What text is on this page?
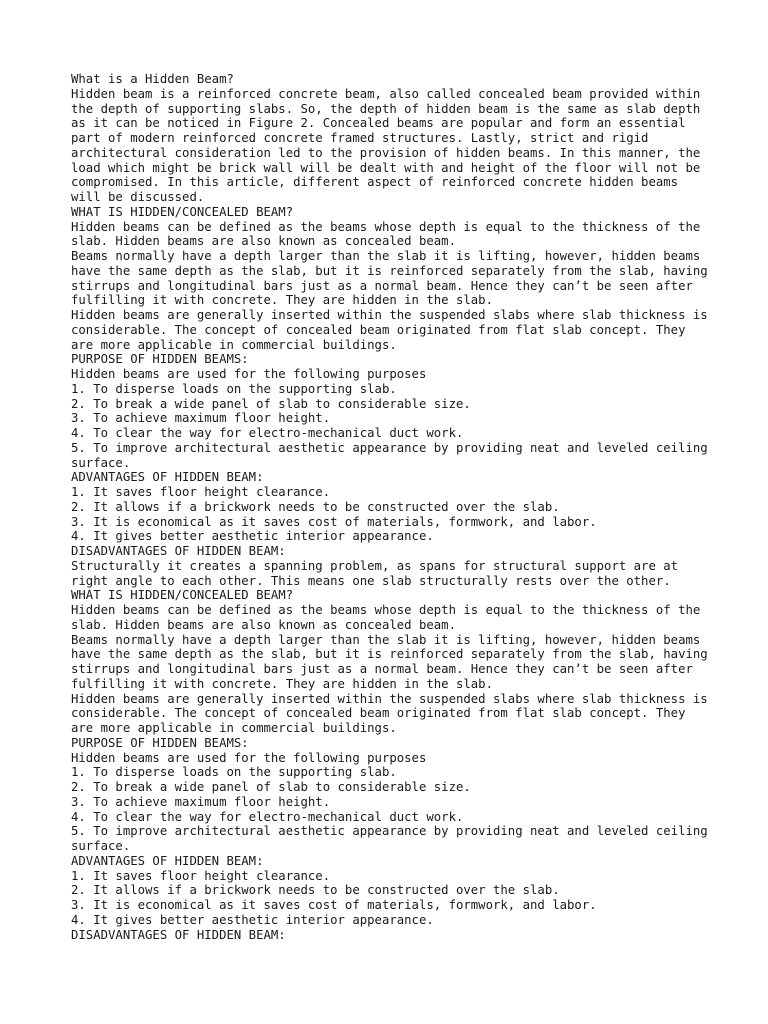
What is a Hidden Beam?

Hidden beam is a reinforced concrete beam, also called concealed beam provided within the depth of supporting slabs. So, the depth of hidden beam is the same as slab depth as it can be noticed in Figure 2. Concealed beams are popular and form an essential part of modern reinforced concrete framed structures. Lastly, strict and rigid architectural consideration led to the provision of hidden beams. In this manner, the load which might be brick wall will be dealt with and height of the floor will not be compromised. In this article, different aspect of reinforced concrete hidden beams will be discussed.

WHAT IS HIDDEN/CONCEALED BEAM?

Hidden beams can be defined as the beams whose depth is equal to the thickness of the slab. Hidden beams are also known as concealed beam.

Beams normally have a depth larger than the slab it is lifting, however, hidden beams have the same depth as the slab, but it is reinforced separately from the slab, having stirrups and longitudinal bars just as a normal beam. Hence they can’t be seen after fulfilling it with concrete. They are hidden in the slab.

Hidden beams are generally inserted within the suspended slabs where slab thickness is considerable. The concept of concealed beam originated from flat slab concept. They are more applicable in commercial buildings.

PURPOSE OF HIDDEN BEAMS:

Hidden beams are used for the following purposes

1. To disperse loads on the supporting slab.

2. To break a wide panel of slab to considerable size.

3. To achieve maximum floor height.

4. To clear the way for electro-mechanical duct work.

5. To improve architectural aesthetic appearance by providing neat and leveled ceiling surface.

ADVANTAGES OF HIDDEN BEAM:

1. It saves floor height clearance.

2. It allows if a brickwork needs to be constructed over the slab.

3. It is economical as it saves cost of materials, formwork, and labor.

4. It gives better aesthetic interior appearance.

DISADVANTAGES OF HIDDEN BEAM:

Structurally it creates a spanning problem, as spans for structural support are at right angle to each other. This means one slab structurally rests over the other.

WHAT IS HIDDEN/CONCEALED BEAM?

Hidden beams can be defined as the beams whose depth is equal to the thickness of the slab. Hidden beams are also known as concealed beam.

Beams normally have a depth larger than the slab it is lifting, however, hidden beams have the same depth as the slab, but it is reinforced separately from the slab, having stirrups and longitudinal bars just as a normal beam. Hence they can’t be seen after fulfilling it with concrete. They are hidden in the slab.

Hidden beams are generally inserted within the suspended slabs where slab thickness is considerable. The concept of concealed beam originated from flat slab concept. They are more applicable in commercial buildings.

PURPOSE OF HIDDEN BEAMS:

Hidden beams are used for the following purposes

1. To disperse loads on the supporting slab.

2. To break a wide panel of slab to considerable size.

3. To achieve maximum floor height.

4. To clear the way for electro-mechanical duct work.

5. To improve architectural aesthetic appearance by providing neat and leveled ceiling surface.

ADVANTAGES OF HIDDEN BEAM:

1. It saves floor height clearance.

2. It allows if a brickwork needs to be constructed over the slab.

3. It is economical as it saves cost of materials, formwork, and labor.

4. It gives better aesthetic interior appearance.

DISADVANTAGES OF HIDDEN BEAM:
